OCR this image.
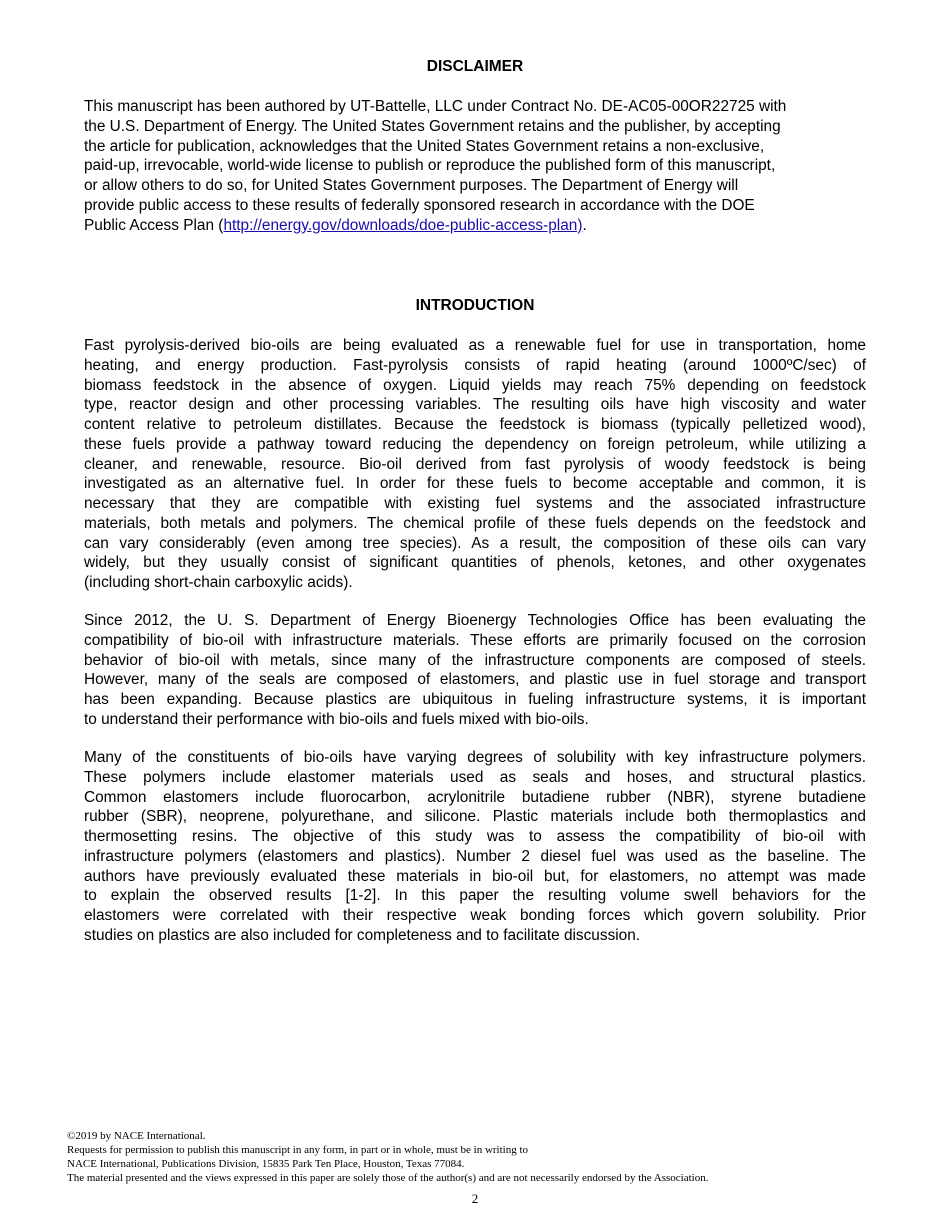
DISCLAIMER
This manuscript has been authored by UT-Battelle, LLC under Contract No. DE-AC05-00OR22725 with
the U.S. Department of Energy. The United States Government retains and the publisher, by accepting
the article for publication, acknowledges that the United States Government retains a non-exclusive,
paid-up, irrevocable, world-wide license to publish or reproduce the published form of this manuscript,
or allow others to do so, for United States Government purposes. The Department of Energy will
provide public access to these results of federally sponsored research in accordance with the DOE
Public Access Plan (http://energy.gov/downloads/doe-public-access-plan).
INTRODUCTION
Fast pyrolysis-derived bio-oils are being evaluated as a renewable fuel for use in transportation, home
heating, and energy production. Fast-pyrolysis consists of rapid heating (around 1000ºC/sec) of
biomass feedstock in the absence of oxygen. Liquid yields may reach 75% depending on feedstock
type, reactor design and other processing variables. The resulting oils have high viscosity and water
content relative to petroleum distillates. Because the feedstock is biomass (typically pelletized wood),
these fuels provide a pathway toward reducing the dependency on foreign petroleum, while utilizing a
cleaner, and renewable, resource. Bio-oil derived from fast pyrolysis of woody feedstock is being
investigated as an alternative fuel. In order for these fuels to become acceptable and common, it is
necessary that they are compatible with existing fuel systems and the associated infrastructure
materials, both metals and polymers. The chemical profile of these fuels depends on the feedstock and
can vary considerably (even among tree species). As a result, the composition of these oils can vary
widely, but they usually consist of significant quantities of phenols, ketones, and other oxygenates
(including short-chain carboxylic acids).
Since 2012, the U. S. Department of Energy Bioenergy Technologies Office has been evaluating the
compatibility of bio-oil with infrastructure materials. These efforts are primarily focused on the corrosion
behavior of bio-oil with metals, since many of the infrastructure components are composed of steels.
However, many of the seals are composed of elastomers, and plastic use in fuel storage and transport
has been expanding. Because plastics are ubiquitous in fueling infrastructure systems, it is important
to understand their performance with bio-oils and fuels mixed with bio-oils.
Many of the constituents of bio-oils have varying degrees of solubility with key infrastructure polymers.
These polymers include elastomer materials used as seals and hoses, and structural plastics.
Common elastomers include fluorocarbon, acrylonitrile butadiene rubber (NBR), styrene butadiene
rubber (SBR), neoprene, polyurethane, and silicone. Plastic materials include both thermoplastics and
thermosetting resins. The objective of this study was to assess the compatibility of bio-oil with
infrastructure polymers (elastomers and plastics). Number 2 diesel fuel was used as the baseline. The
authors have previously evaluated these materials in bio-oil but, for elastomers, no attempt was made
to explain the observed results [1-2]. In this paper the resulting volume swell behaviors for the
elastomers were correlated with their respective weak bonding forces which govern solubility. Prior
studies on plastics are also included for completeness and to facilitate discussion.
©2019 by NACE International.
Requests for permission to publish this manuscript in any form, in part or in whole, must be in writing to
NACE International, Publications Division, 15835 Park Ten Place, Houston, Texas 77084.
The material presented and the views expressed in this paper are solely those of the author(s) and are not necessarily endorsed by the Association.
2
